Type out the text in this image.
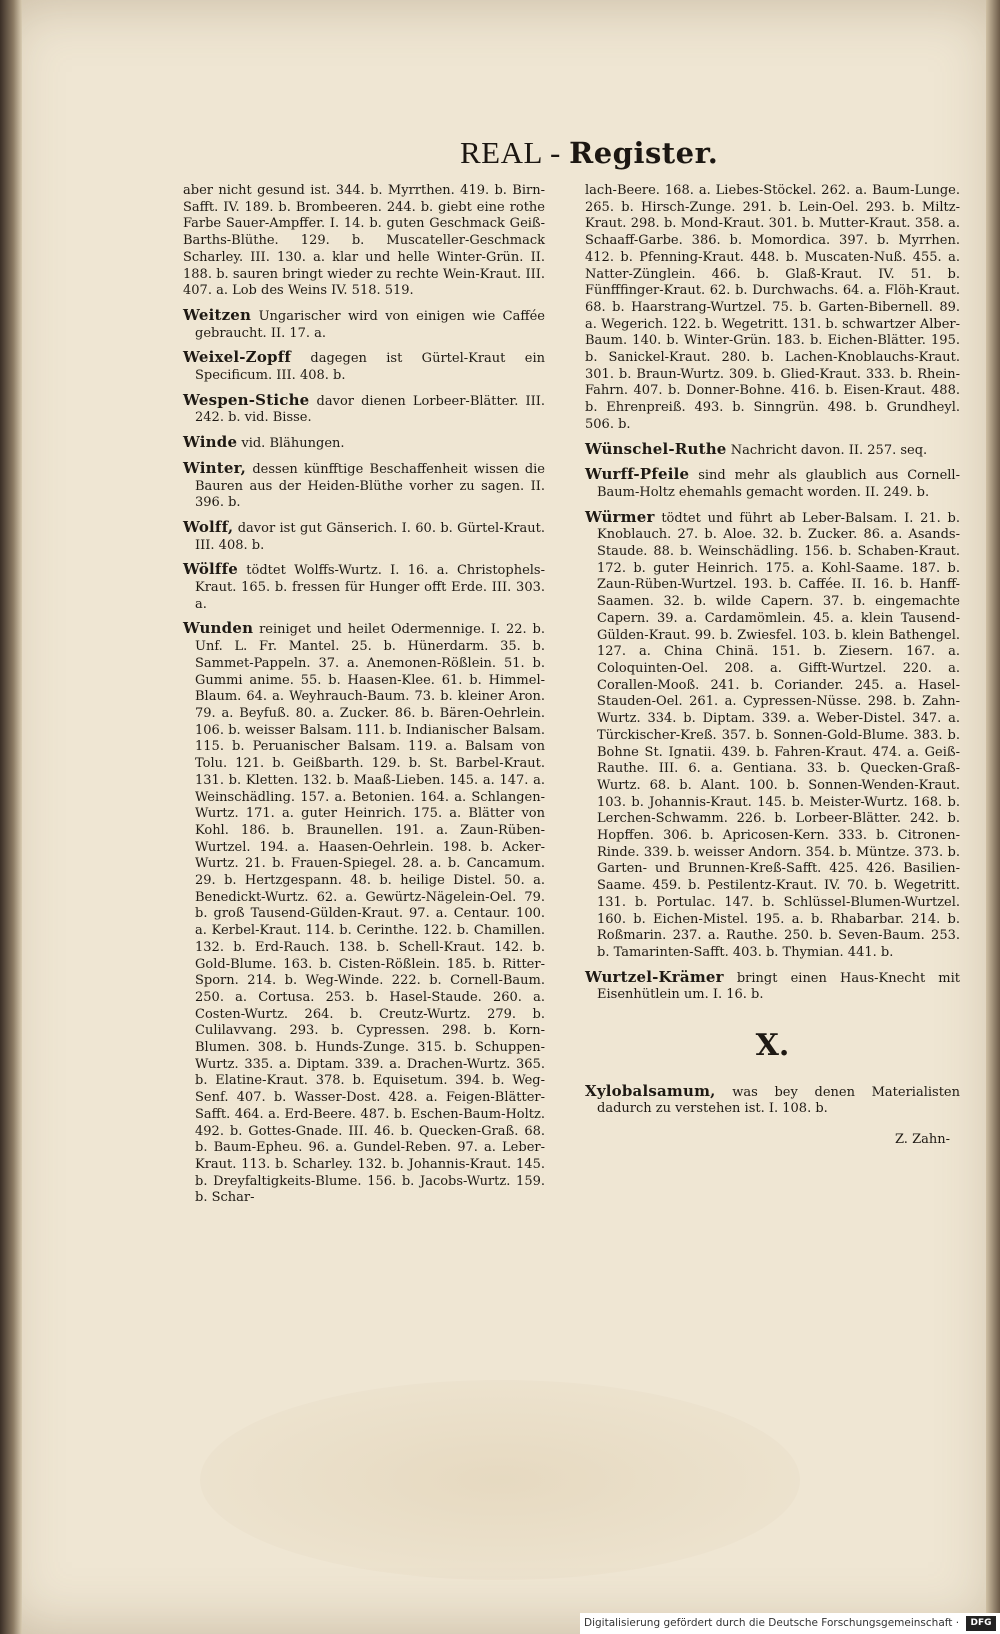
REAL - Register.

aber nicht gesund ist. 344. b. Myrrthen. 419. b. Birn-Safft. IV. 189. b. Brombeeren. 244. b. giebt eine rothe Farbe Sauer-Ampffer. I. 14. b. guten Geschmack Geiß-Barths-Blüthe. 129. b. Muscateller-Geschmack Scharley. III. 130. a. klar und helle Winter-Grün. II. 188. b. sauren bringt wieder zu rechte Wein-Kraut. III. 407. a. Lob des Weins IV. 518. 519.

Weitzen Ungarischer wird von einigen wie Caffée gebraucht. II. 17. a.

Weixel-Zopff dagegen ist Gürtel-Kraut ein Specificum. III. 408. b.

Wespen-Stiche davor dienen Lorbeer-Blätter. III. 242. b. vid. Bisse.

Winde vid. Blähungen.

Winter, dessen künfftige Beschaffenheit wissen die Bauren aus der Heiden-Blüthe vorher zu sagen. II. 396. b.

Wolff, davor ist gut Gänserich. I. 60. b. Gürtel-Kraut. III. 408. b.

Wölffe tödtet Wolffs-Wurtz. I. 16. a. Christophels-Kraut. 165. b. fressen für Hunger offt Erde. III. 303. a.

Wunden reiniget und heilet Odermennige. I. 22. b. Unf. L. Fr. Mantel. 25. b. Hünerdarm. 35. b. Sammet-Pappeln. 37. a. Anemonen-Rößlein. 51. b. Gummi anime. 55. b. Haasen-Klee. 61. b. Himmel-Blaum. 64. a. Weyhrauch-Baum. 73. b. kleiner Aron. 79. a. Beyfuß. 80. a. Zucker. 86. b. Bären-Oehrlein. 106. b. weisser Balsam. 111. b. Indianischer Balsam. 115. b. Peruanischer Balsam. 119. a. Balsam von Tolu. 121. b. Geißbarth. 129. b. St. Barbel-Kraut. 131. b. Kletten. 132. b. Maaß-Lieben. 145. a. 147. a. Weinschädling. 157. a. Betonien. 164. a. Schlangen-Wurtz. 171. a. guter Heinrich. 175. a. Blätter von Kohl. 186. b. Braunellen. 191. a. Zaun-Rüben-Wurtzel. 194. a. Haasen-Oehrlein. 198. b. Acker-Wurtz. 21. b. Frauen-Spiegel. 28. a. b. Cancamum. 29. b. Hertzgespann. 48. b. heilige Distel. 50. a. Benedickt-Wurtz. 62. a. Gewürtz-Nägelein-Oel. 79. b. groß Tausend-Gülden-Kraut. 97. a. Centaur. 100. a. Kerbel-Kraut. 114. b. Cerinthe. 122. b. Chamillen. 132. b. Erd-Rauch. 138. b. Schell-Kraut. 142. b. Gold-Blume. 163. b. Cisten-Rößlein. 185. b. Ritter-Sporn. 214. b. Weg-Winde. 222. b. Cornell-Baum. 250. a. Cortusa. 253. b. Hasel-Staude. 260. a. Costen-Wurtz. 264. b. Creutz-Wurtz. 279. b. Culilavvang. 293. b. Cypressen. 298. b. Korn-Blumen. 308. b. Hunds-Zunge. 315. b. Schuppen-Wurtz. 335. a. Diptam. 339. a. Drachen-Wurtz. 365. b. Elatine-Kraut. 378. b. Equisetum. 394. b. Weg-Senf. 407. b. Wasser-Dost. 428. a. Feigen-Blätter-Safft. 464. a. Erd-Beere. 487. b. Eschen-Baum-Holtz. 492. b. Gottes-Gnade. III. 46. b. Quecken-Graß. 68. b. Baum-Epheu. 96. a. Gundel-Reben. 97. a. Leber-Kraut. 113. b. Scharley. 132. b. Johannis-Kraut. 145. b. Dreyfaltigkeits-Blume. 156. b. Jacobs-Wurtz. 159. b. Schar-

lach-Beere. 168. a. Liebes-Stöckel. 262. a. Baum-Lunge. 265. b. Hirsch-Zunge. 291. b. Lein-Oel. 293. b. Miltz-Kraut. 298. b. Mond-Kraut. 301. b. Mutter-Kraut. 358. a. Schaaff-Garbe. 386. b. Momordica. 397. b. Myrrhen. 412. b. Pfenning-Kraut. 448. b. Muscaten-Nuß. 455. a. Natter-Zünglein. 466. b. Glaß-Kraut. IV. 51. b. Fünfffinger-Kraut. 62. b. Durchwachs. 64. a. Flöh-Kraut. 68. b. Haarstrang-Wurtzel. 75. b. Garten-Bibernell. 89. a. Wegerich. 122. b. Wegetritt. 131. b. schwartzer Alber-Baum. 140. b. Winter-Grün. 183. b. Eichen-Blätter. 195. b. Sanickel-Kraut. 280. b. Lachen-Knoblauchs-Kraut. 301. b. Braun-Wurtz. 309. b. Glied-Kraut. 333. b. Rhein-Fahrn. 407. b. Donner-Bohne. 416. b. Eisen-Kraut. 488. b. Ehrenpreiß. 493. b. Sinngrün. 498. b. Grundheyl. 506. b.

Wünschel-Ruthe Nachricht davon. II. 257. seq.

Wurff-Pfeile sind mehr als glaublich aus Cornell-Baum-Holtz ehemahls gemacht worden. II. 249. b.

Würmer tödtet und führt ab Leber-Balsam. I. 21. b. Knoblauch. 27. b. Aloe. 32. b. Zucker. 86. a. Asands-Staude. 88. b. Weinschädling. 156. b. Schaben-Kraut. 172. b. guter Heinrich. 175. a. Kohl-Saame. 187. b. Zaun-Rüben-Wurtzel. 193. b. Caffée. II. 16. b. Hanff-Saamen. 32. b. wilde Capern. 37. b. eingemachte Capern. 39. a. Cardamömlein. 45. a. klein Tausend-Gülden-Kraut. 99. b. Zwiesfel. 103. b. klein Bathengel. 127. a. China Chinä. 151. b. Ziesern. 167. a. Coloquinten-Oel. 208. a. Gifft-Wurtzel. 220. a. Corallen-Mooß. 241. b. Coriander. 245. a. Hasel-Stauden-Oel. 261. a. Cypressen-Nüsse. 298. b. Zahn-Wurtz. 334. b. Diptam. 339. a. Weber-Distel. 347. a. Türckischer-Kreß. 357. b. Sonnen-Gold-Blume. 383. b. Bohne St. Ignatii. 439. b. Fahren-Kraut. 474. a. Geiß-Rauthe. III. 6. a. Gentiana. 33. b. Quecken-Graß-Wurtz. 68. b. Alant. 100. b. Sonnen-Wenden-Kraut. 103. b. Johannis-Kraut. 145. b. Meister-Wurtz. 168. b. Lerchen-Schwamm. 226. b. Lorbeer-Blätter. 242. b. Hopffen. 306. b. Apricosen-Kern. 333. b. Citronen-Rinde. 339. b. weisser Andorn. 354. b. Müntze. 373. b. Garten- und Brunnen-Kreß-Safft. 425. 426. Basilien-Saame. 459. b. Pestilentz-Kraut. IV. 70. b. Wegetritt. 131. b. Portulac. 147. b. Schlüssel-Blumen-Wurtzel. 160. b. Eichen-Mistel. 195. a. b. Rhabarbar. 214. b. Roßmarin. 237. a. Rauthe. 250. b. Seven-Baum. 253. b. Tamarinten-Safft. 403. b. Thymian. 441. b.

Wurtzel-Krämer bringt einen Haus-Knecht mit Eisenhütlein um. I. 16. b.

X.

Xylobalsamum, was bey denen Materialisten dadurch zu verstehen ist. I. 108. b.

Z. Zahn-
Digitalisierung gefördert durch die Deutsche Forschungsgemeinschaft ·	DFG
